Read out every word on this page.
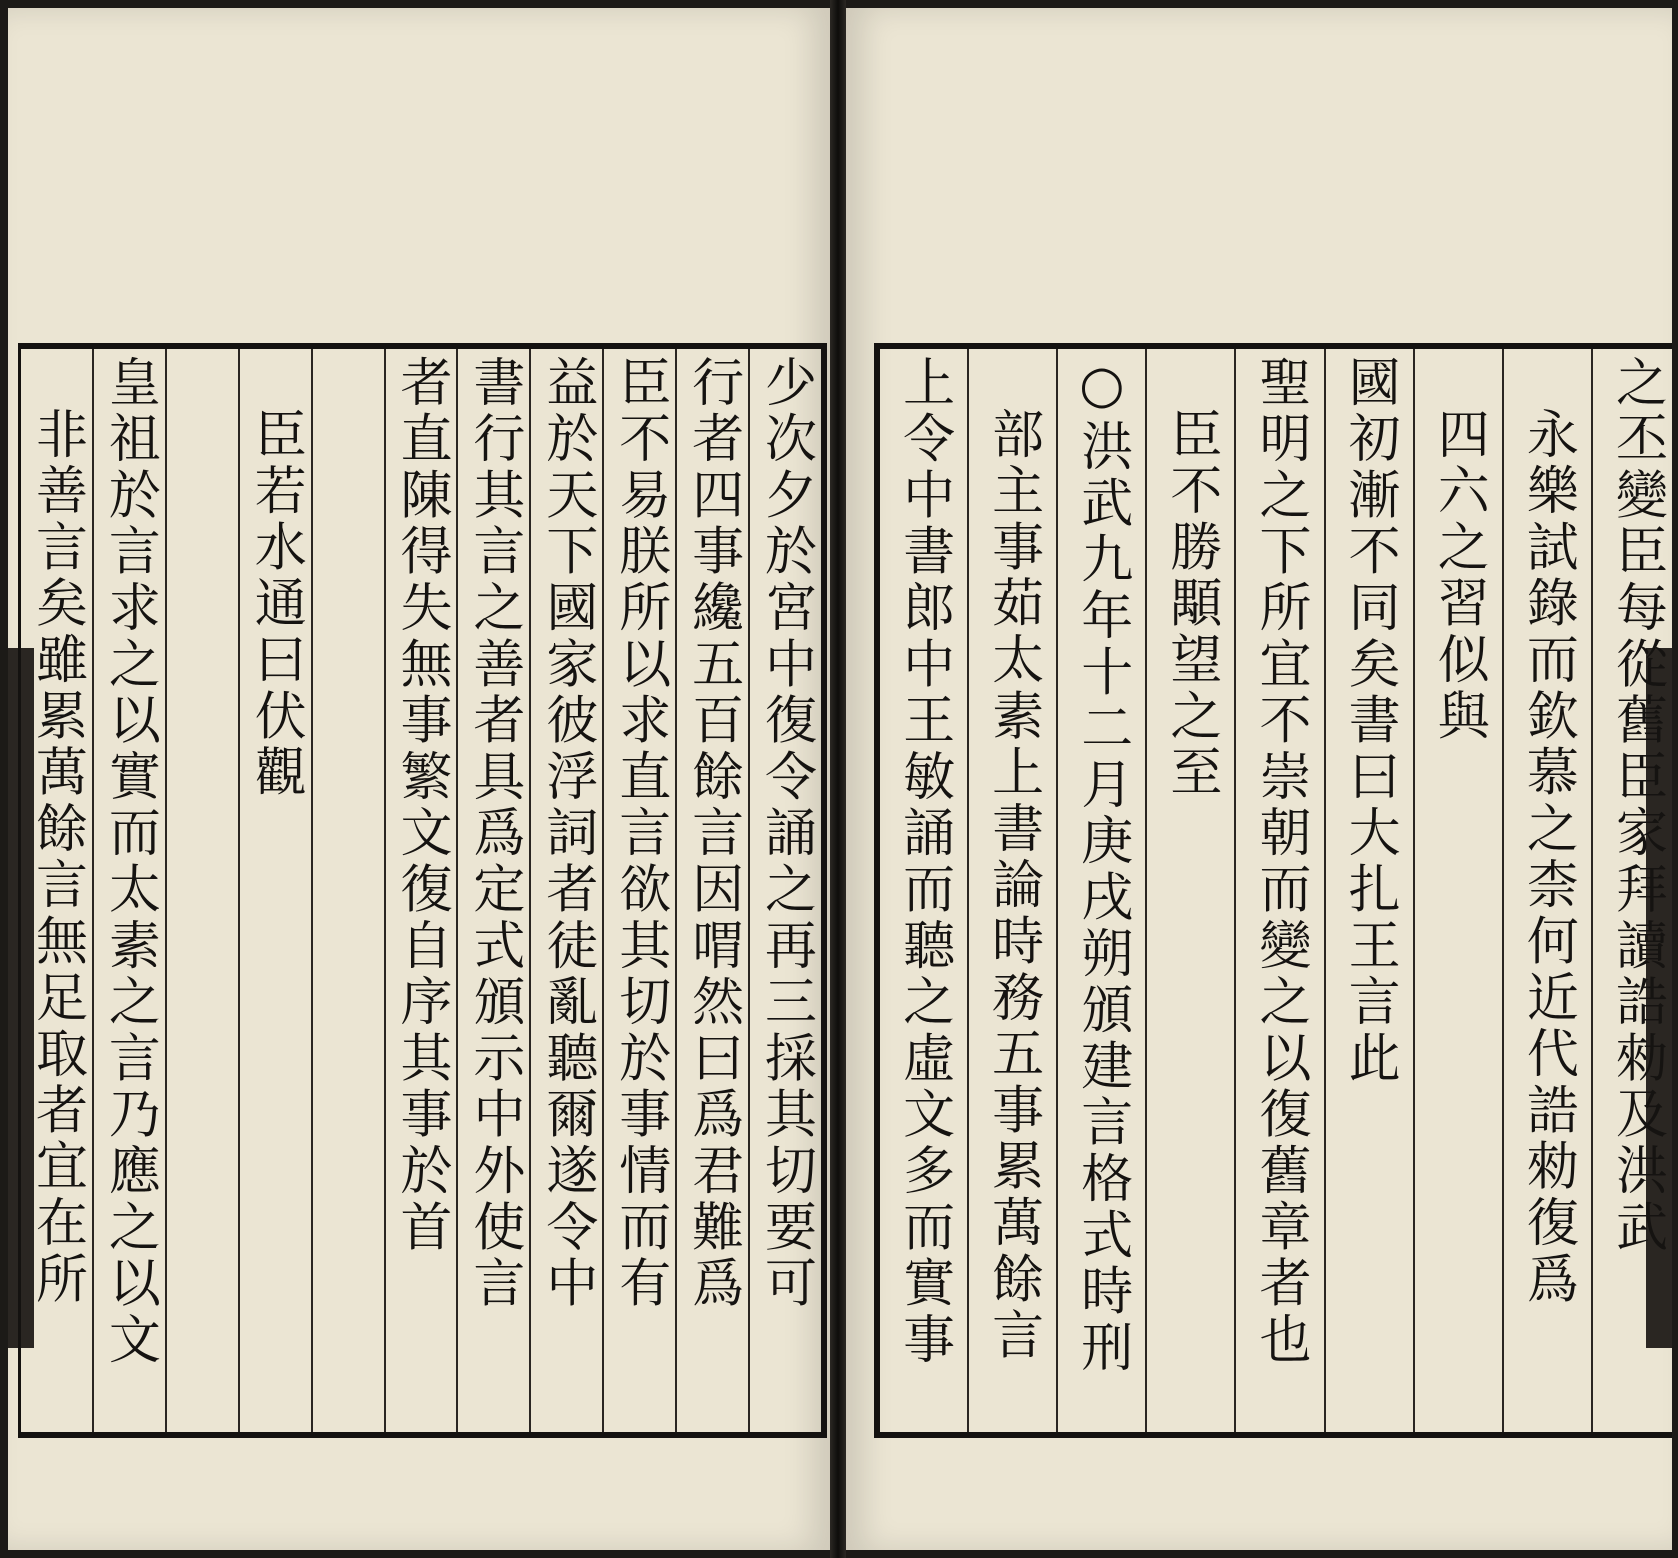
少次夕於宮中復令誦之再三採其切要可
行者四事纔五百餘言因喟然曰爲君難爲
臣不易朕所以求直言欲其切於事情而有
益於天下國家彼浮詞者徒亂聽爾遂令中
書行其言之善者具爲定式頒示中外使言
者直陳得失無事繁文復自序其事於首
臣若水通曰伏觀
皇祖於言求之以實而太素之言乃應之以文
非善言矣雖累萬餘言無足取者宜在所	之丕變臣每從舊臣家拜讀誥勑及洪武
永樂試錄而欽慕之柰何近代誥勑復爲
四六之習似與
國初漸不同矣書曰大扎王言此
聖明之下所宜不崇朝而變之以復舊章者也
臣不勝顒望之至
○洪武九年十二月庚戌朔頒建言格式時刑
部主事茹太素上書論時務五事累萬餘言
上令中書郎中王敏誦而聽之虛文多而實事
